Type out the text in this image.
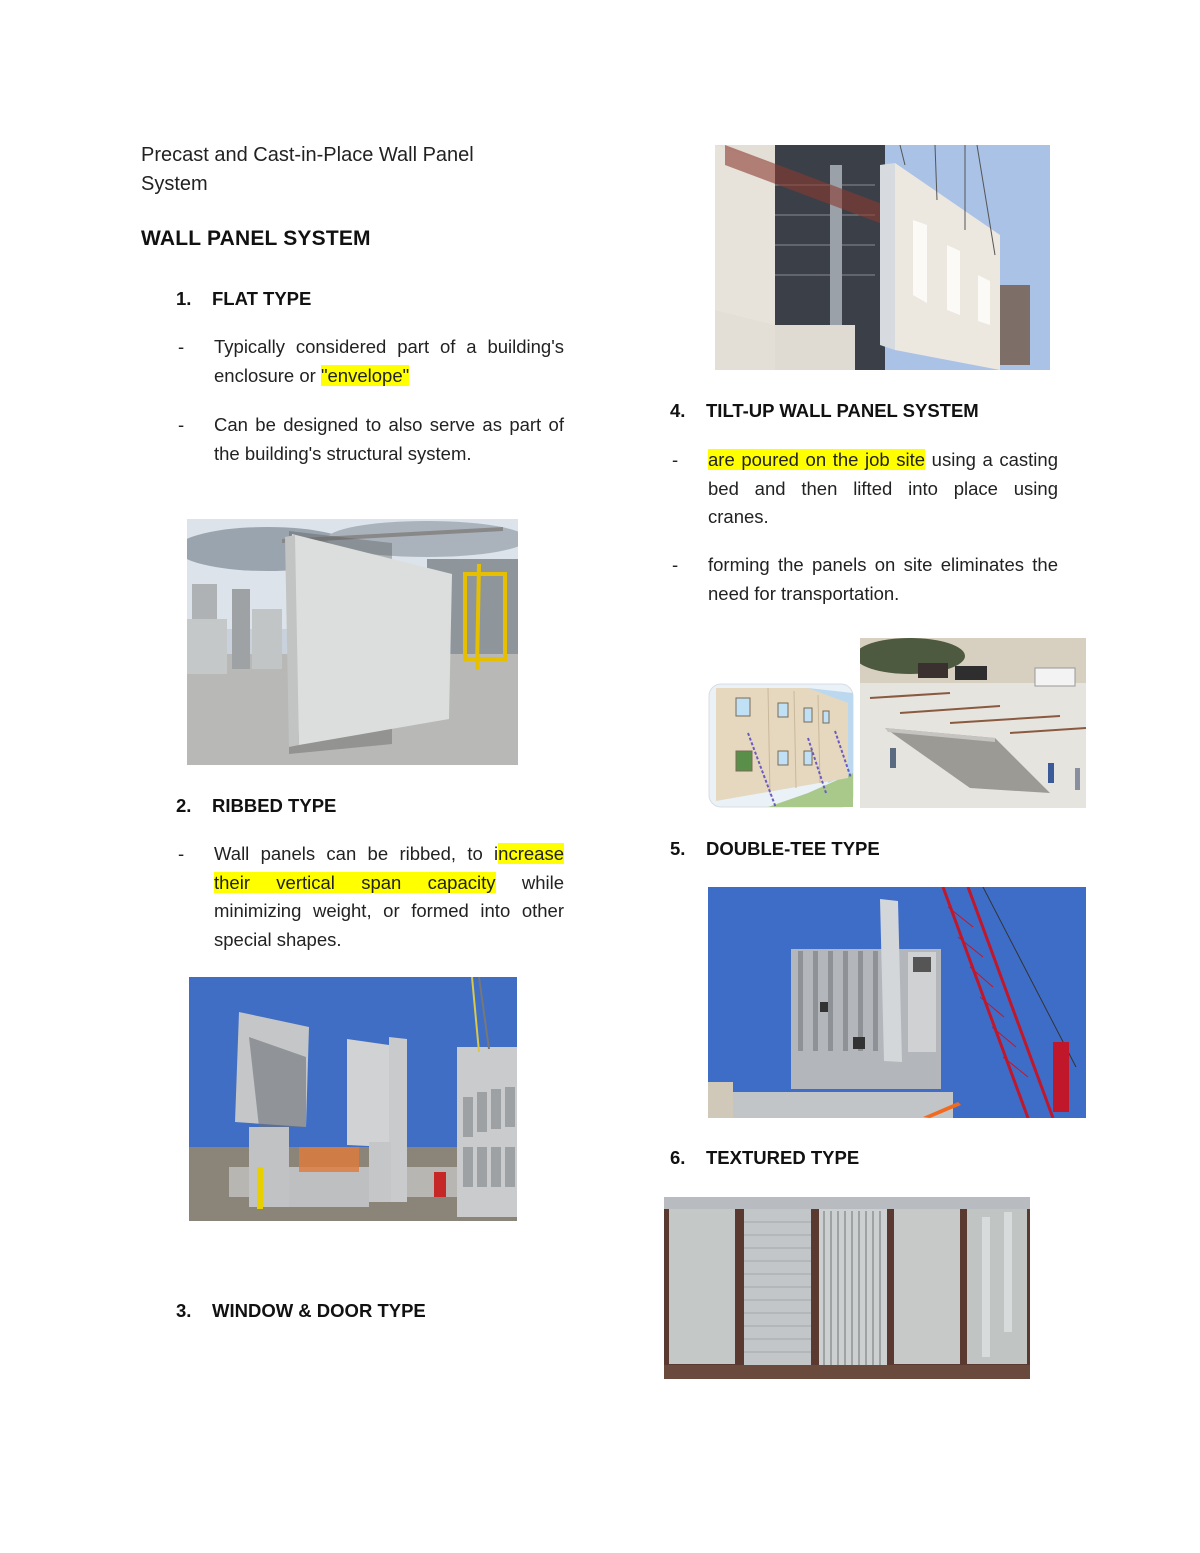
Precast and Cast-in-Place Wall Panel
System
WALL PANEL SYSTEM
1.	FLAT TYPE
-	Typically considered part of a building's enclosure or "envelope"
-	Can be designed to also serve as part of the building's structural system.
2.	RIBBED TYPE
-	Wall panels can be ribbed, to increase their vertical span capacity while minimizing weight, or formed into other special shapes.
3.	WINDOW & DOOR TYPE
4.	TILT-UP WALL PANEL SYSTEM
-	are poured on the job site using a casting bed and then lifted into place using cranes.
-	forming the panels on site eliminates the need for transportation.
5.	DOUBLE-TEE TYPE
6.	TEXTURED TYPE
